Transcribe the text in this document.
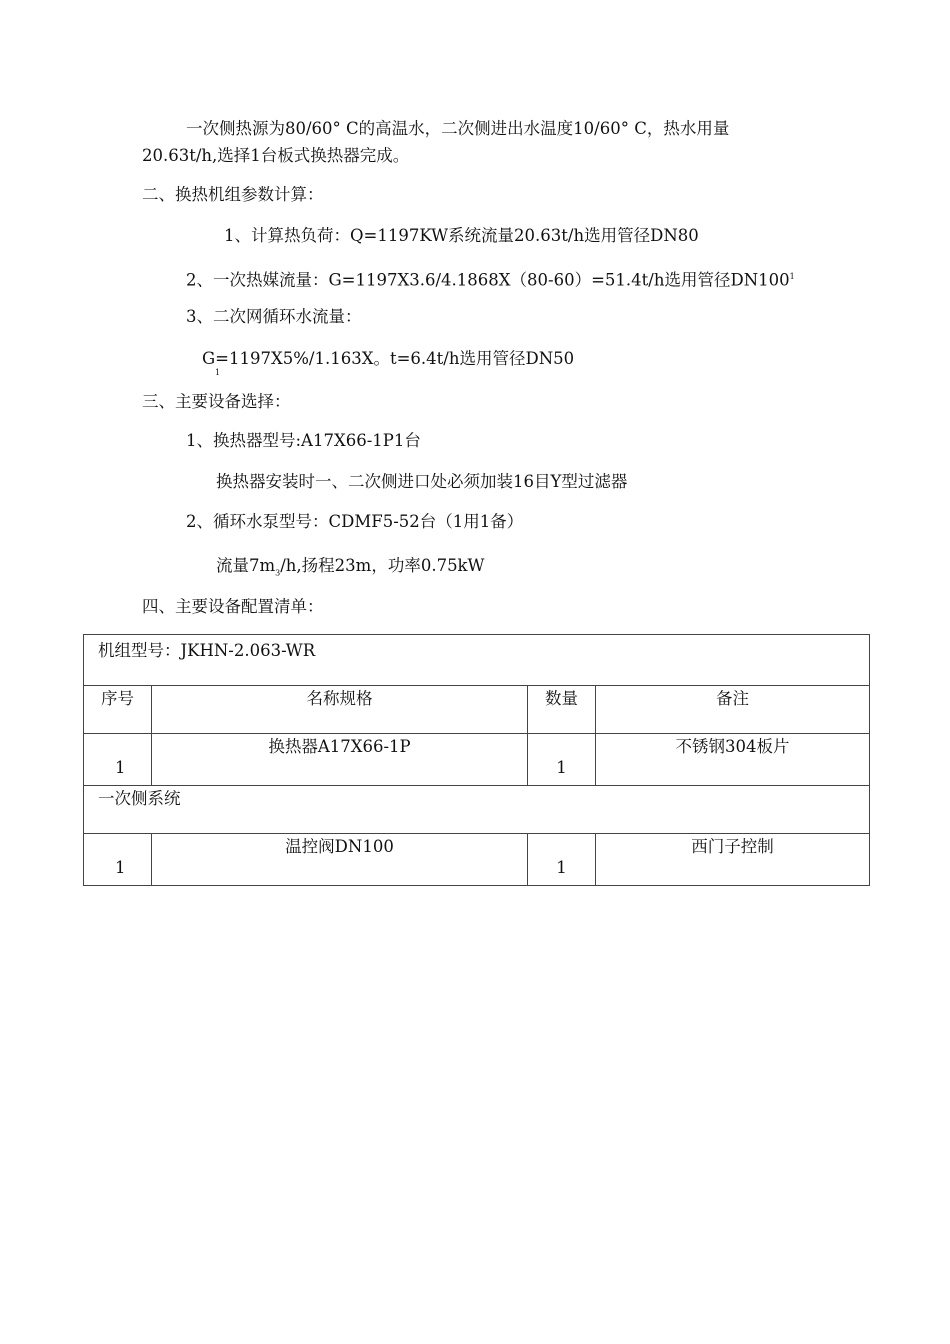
一次侧热源为80/60° C的高温水，二次侧进出水温度10/60° C，热水用量
20.63t/h,选择1台板式换热器完成。
二、换热机组参数计算：
1、计算热负荷：Q=1197KW系统流量20.63t/h选用管径DN80
2、一次热媒流量：G=1197X3.6/4.1868X（80-60）=51.4t/h选用管径$DN100^1$
3、二次网循环水流量：
G=1197X5%/1.163X。t=6.4t/h选用管径DN50
1
三、主要设备选择：
1、换热器型号:A17X66-1P1台
换热器安装时一、二次侧进口处必须加装16目Y型过滤器
2、循环水泵型号：CDMF5-52台（1用1备）
流量$7m_3/h$,扬程23m，功率0.75kW
四、主要设备配置清单：
机组型号：JKHN-2.063-WR			
序号	名称规格	数量	备注
1	换热器A17X66-1P	1	不锈钢304板片
一次侧系统			
1	温控阀DN100	1	西门子控制
